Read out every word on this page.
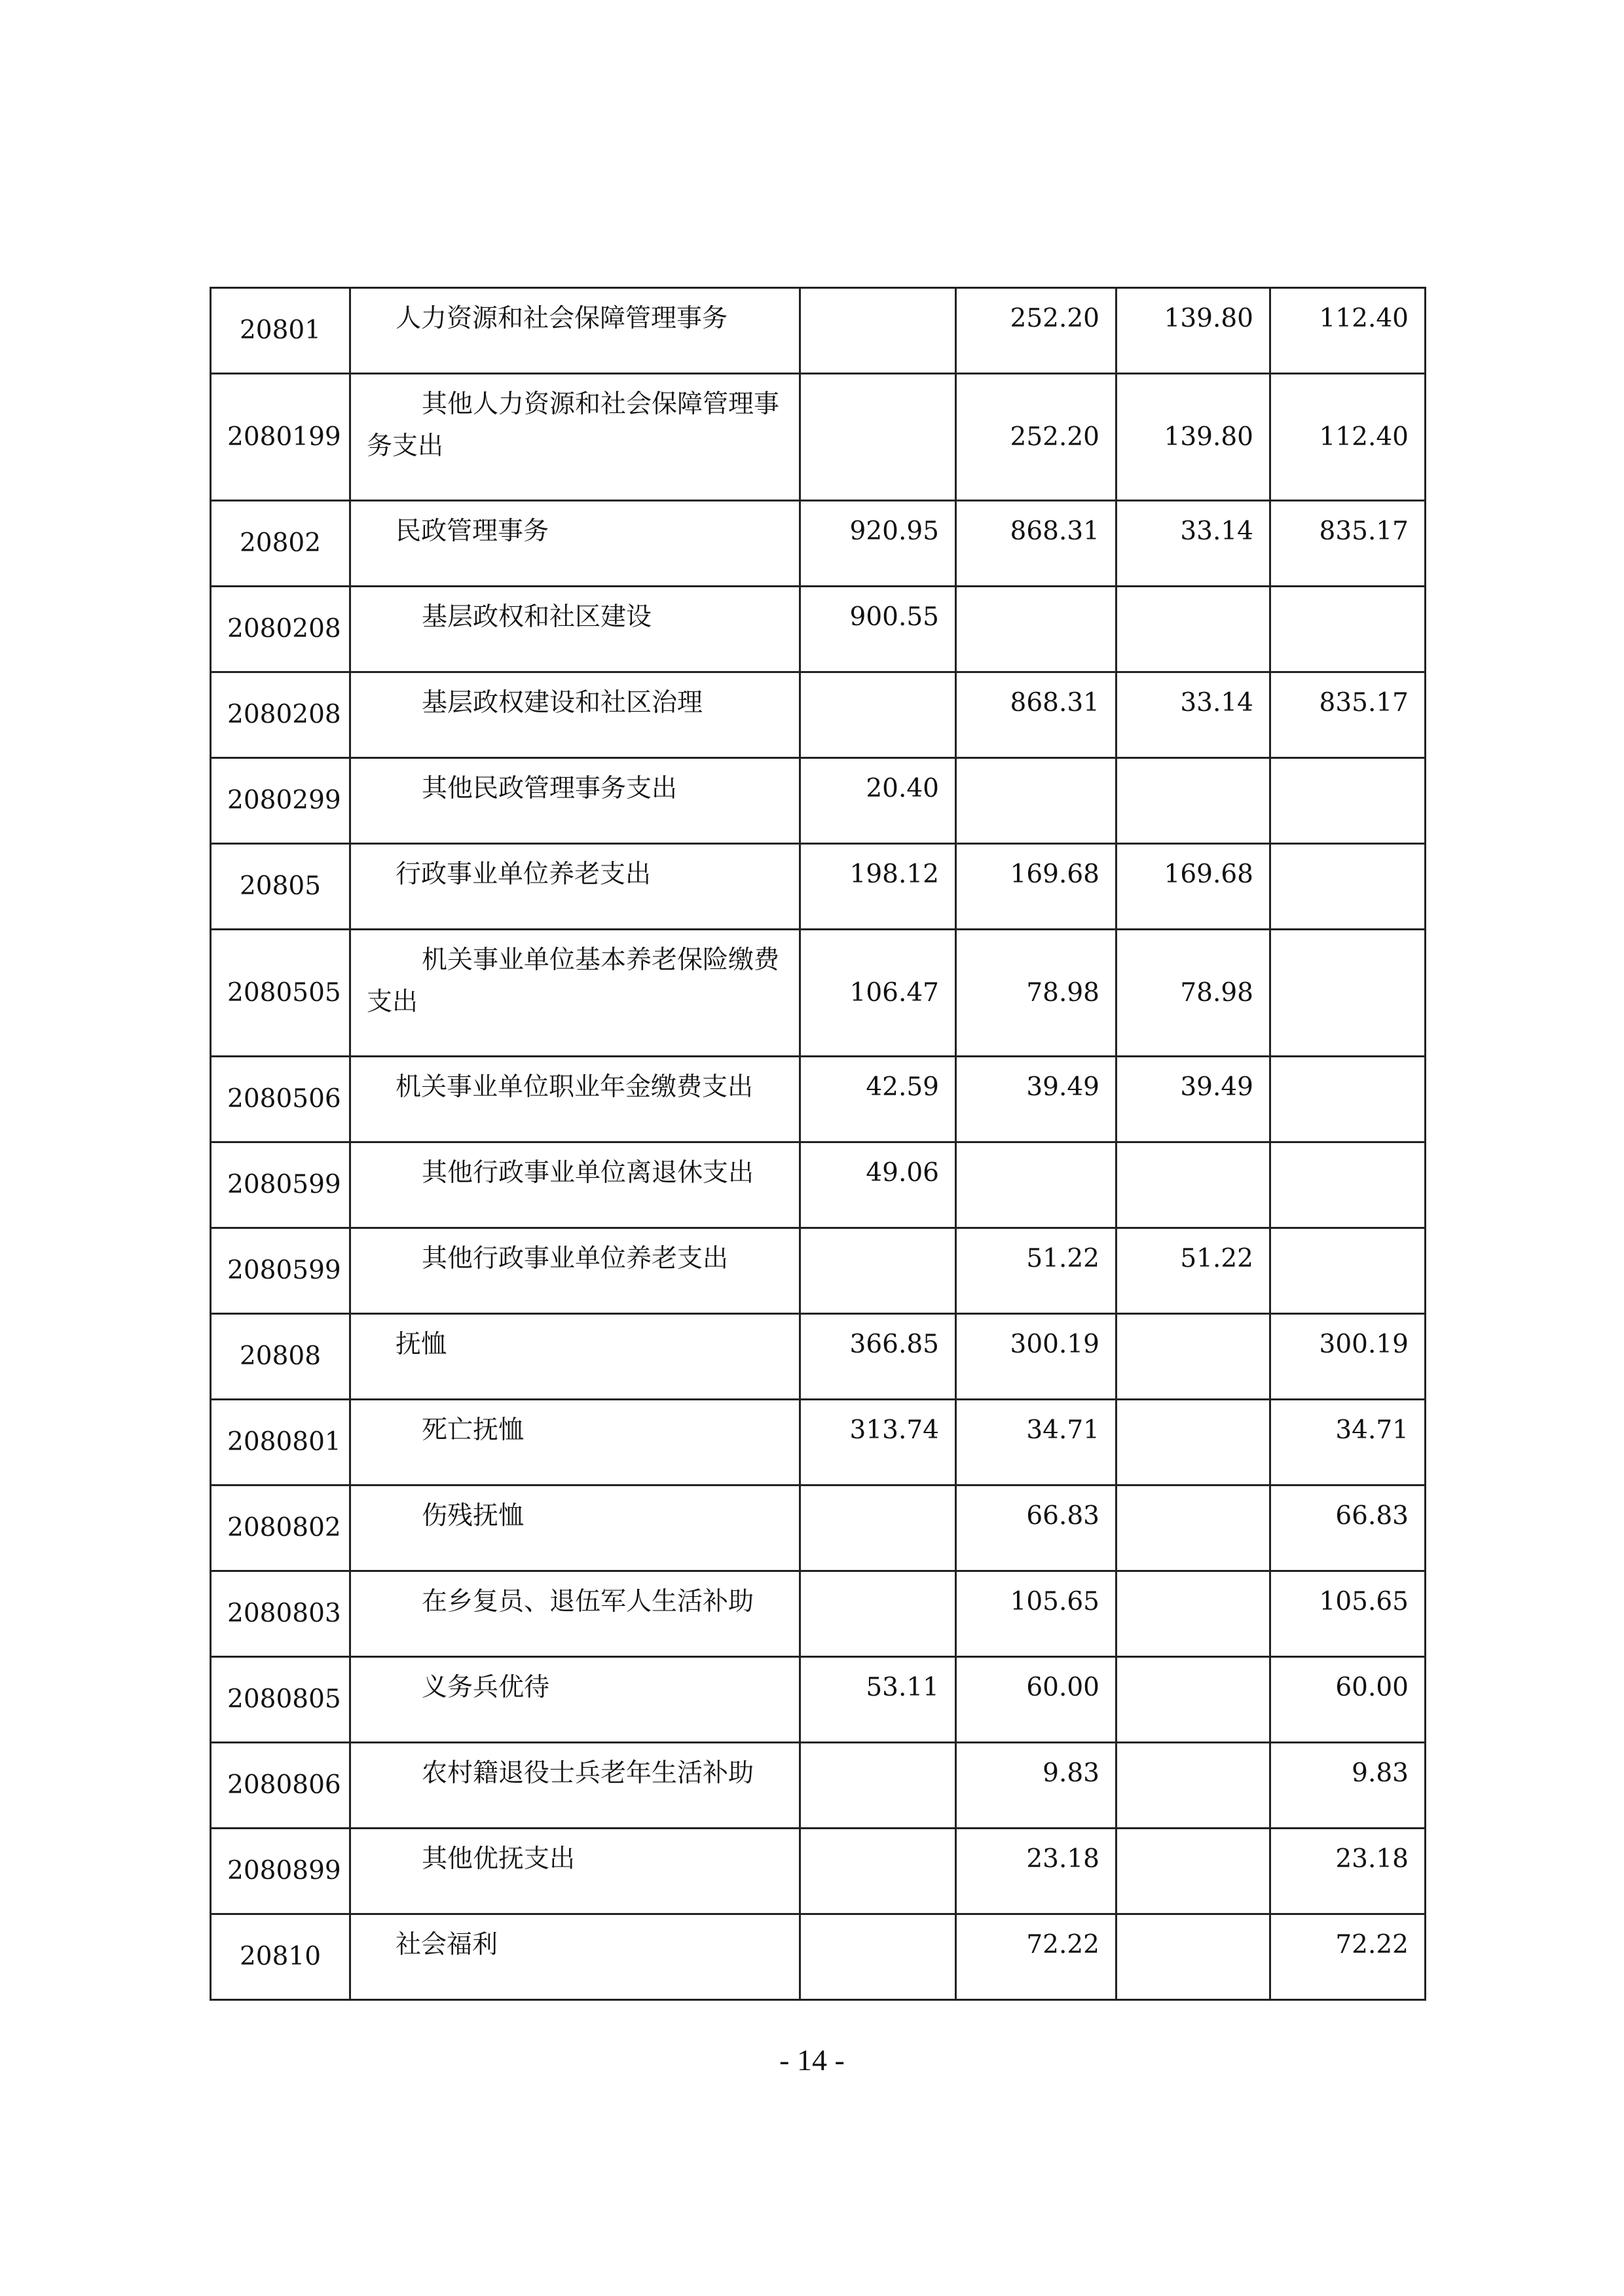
20801	人力资源和社会保障管理事务		252.20	139.80	112.40
2080199	其他人力资源和社会保障管理事务支出		252.20	139.80	112.40
20802	民政管理事务	920.95	868.31	33.14	835.17
2080208	基层政权和社区建设	900.55			
2080208	基层政权建设和社区治理		868.31	33.14	835.17
2080299	其他民政管理事务支出	20.40			
20805	行政事业单位养老支出	198.12	169.68	169.68	
2080505	机关事业单位基本养老保险缴费支出	106.47	78.98	78.98	
2080506	机关事业单位职业年金缴费支出	42.59	39.49	39.49	
2080599	其他行政事业单位离退休支出	49.06			
2080599	其他行政事业单位养老支出		51.22	51.22	
20808	抚恤	366.85	300.19		300.19
2080801	死亡抚恤	313.74	34.71		34.71
2080802	伤残抚恤		66.83		66.83
2080803	在乡复员、退伍军人生活补助		105.65		105.65
2080805	义务兵优待	53.11	60.00		60.00
2080806	农村籍退役士兵老年生活补助		9.83		9.83
2080899	其他优抚支出		23.18		23.18
20810	社会福利		72.22		72.22
- 14 -
